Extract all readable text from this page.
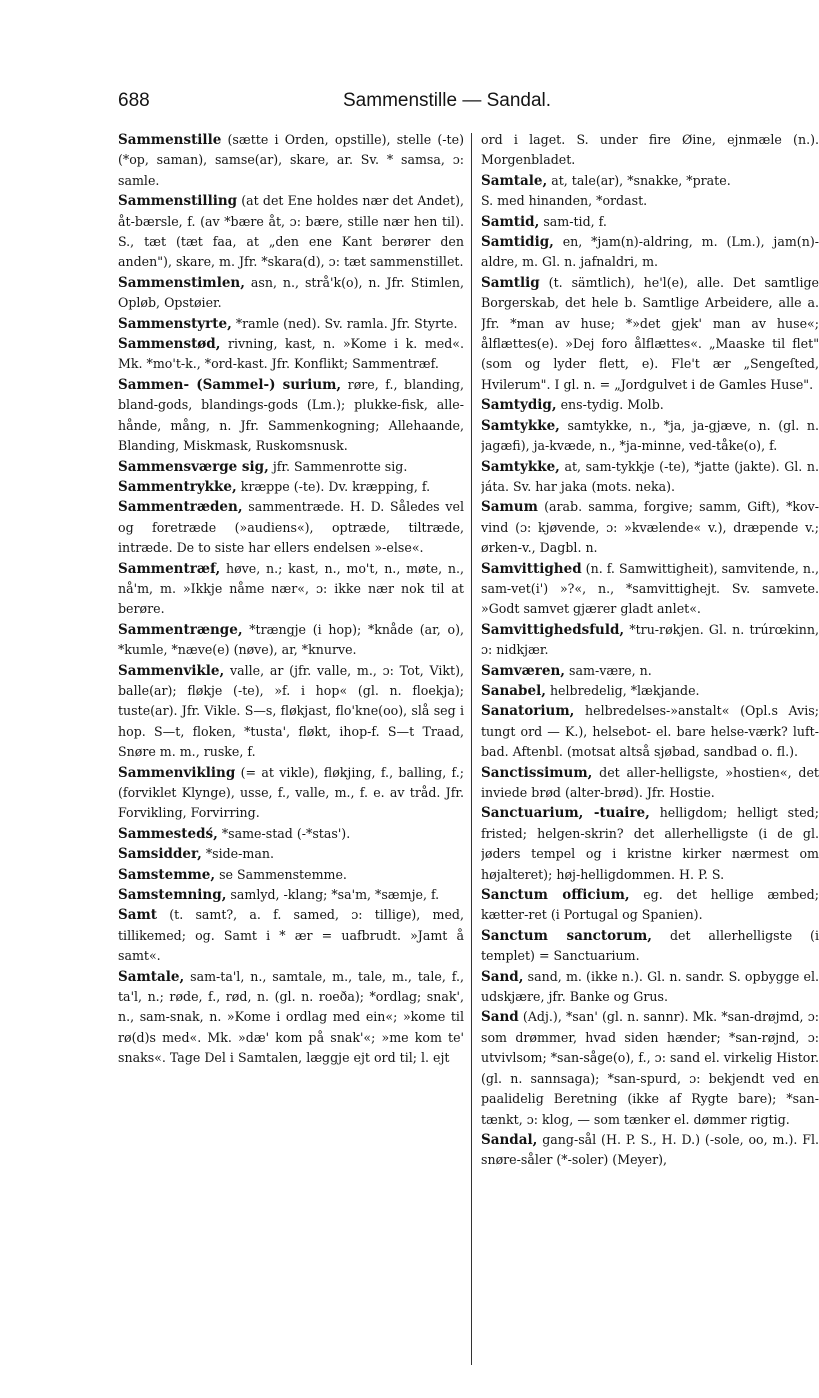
688	Sammenstille — Sandal.

Sammenstille (sætte i Orden, opstille), stelle (-te) (*op, saman), samse(ar), skare, ar. Sv. * samsa, ɔ: samle.

Sammenstilling (at det Ene holdes nær det Andet), åt-bærsle, f. (av *bære åt, ɔ: bære, stille nær hen til). S., tæt (tæt faa, at „den ene Kant berører den anden"), skare, m. Jfr. *skara(d), ɔ: tæt sammenstillet.

Sammenstimlen, asn, n., strå'k(o), n. Jfr. Stimlen, Opløb, Opstøier.

Sammenstyrte, *ramle (ned). Sv. ramla. Jfr. Styrte.

Sammenstød, rivning, kast, n. »Kome i k. med«. Mk. *mo't-k., *ord-kast. Jfr. Konflikt; Sammentræf.

Sammen- (Sammel-) surium, røre, f., blanding, bland-gods, blandings-gods (Lm.); plukke-fisk, alle-hånde, mång, n. Jfr. Sammenkogning; Allehaande, Blanding, Miskmask, Ruskomsnusk.

Sammensværge sig, jfr. Sammenrotte sig.

Sammentrykke, kræppe (-te). Dv. kræpping, f.

Sammentræden, sammentræde. H. D. Således vel og foretræde (»audiens«), optræde, tiltræde, intræde. De to siste har ellers endelsen »-else«.

Sammentræf, høve, n.; kast, n., mo't, n., møte, n., nå'm, m. »Ikkje nåme nær«, ɔ: ikke nær nok til at berøre.

Sammentrænge, *trængje (i hop); *knåde (ar, o), *kumle, *næve(e) (nøve), ar, *knurve.

Sammenvikle, valle, ar (jfr. valle, m., ɔ: Tot, Vikt), balle(ar); fløkje (-te), »f. i hop« (gl. n. floekja); tuste(ar). Jfr. Vikle. S—s, fløkjast, flo'kne(oo), slå seg i hop. S—t, floken, *tusta', fløkt, ihop-f. S—t Traad, Snøre m. m., ruske, f.

Sammenvikling (= at vikle), fløkjing, f., balling, f.; (forviklet Klynge), usse, f., valle, m., f. e. av tråd. Jfr. Forvikling, Forvirring.

Sammestedś, *same-stad (-*stas').

Samsidder, *side-man.

Samstemme, se Sammenstemme.

Samstemning, samlyd, -klang; *sa'm, *sæmje, f.

Samt (t. samt?, a. f. samed, ɔ: tillige), med, tillikemed; og. Samt i * ær = uafbrudt. »Jamt å samt«.

Samtale, sam-ta'l, n., samtale, m., tale, m., tale, f., ta'l, n.; røde, f., rød, n. (gl. n. roeða); *ordlag; snak', n., sam-snak, n. »Kome i ordlag med ein«; »kome til rø(d)s med«. Mk. »dæ' kom på snak'«; »me kom te' snaks«. Tage Del i Samtalen, læggje ejt ord til; l. ejt

ord i laget. S. under fire Øine, ejnmæle (n.). Morgenbladet.

Samtale, at, tale(ar), *snakke, *prate.

S. med hinanden, *ordast.

Samtid, sam-tid, f.

Samtidig, en, *jam(n)-aldring, m. (Lm.), jam(n)-aldre, m. Gl. n. jafnaldri, m.

Samtlig (t. sämtlich), he'l(e), alle. Det samtlige Borgerskab, det hele b. Samtlige Arbeidere, alle a. Jfr. *man av huse; *»det gjek' man av huse«; ålflættes(e). »Dej foro ålflættes«. „Maaske til flet" (som og lyder flett, e). Fle't ær „Sengeſted, Hvilerum". I gl. n. = „Jordgulvet i de Gamles Huse".

Samtydig, ens-tydig. Molb.

Samtykke, samtykke, n., *ja, ja-gjæve, n. (gl. n. jagæfi), ja-kvæde, n., *ja-minne, ved-tåke(o), f.

Samtykke, at, sam-tykkje (-te), *jatte (jakte). Gl. n. játa. Sv. har jaka (mots. neka).

Samum (arab. samma, forgive; samm, Gift), *kov-vind (ɔ: kjøvende, ɔ: »kvælende« v.), dræpende v.; ørken-v., Dagbl. n.

Samvittighed (n. f. Samwittigheit), samvitende, n., sam-vet(i') »?«, n., *samvittighejt. Sv. samvete. »Godt samvet gjærer gladt anlet«.

Samvittighedsfuld, *tru-røkjen. Gl. n. trúrœkinn, ɔ: nidkjær.

Samværen, sam-være, n.

Sanabel, helbredelig, *lækjande.

Sanatorium, helbredelses-»anstalt« (Opl.s Avis; tungt ord — K.), helsebot- el. bare helse-værk? luft-bad. Aftenbl. (motsat altså sjøbad, sandbad o. fl.).

Sanctissimum, det aller-helligste, »hostien«, det inviede brød (alter-brød). Jfr. Hostie.

Sanctuarium, -tuaire, helligdom; helligt sted; fristed; helgen-skrin? det allerhelligste (i de gl. jøders tempel og i kristne kirker nærmest om højalteret); høj-helligdommen. H. P. S.

Sanctum officium, eg. det hellige æmbed; kætter-ret (i Portugal og Spanien).

Sanctum sanctorum, det allerhelligste (i templet) = Sanctuarium.

Sand, sand, m. (ikke n.). Gl. n. sandr. S. opbygge el. udskjære, jfr. Banke og Grus.

Sand (Adj.), *san' (gl. n. sannr). Mk. *san-drøjmd, ɔ: som drømmer, hvad siden hænder; *san-røjnd, ɔ: utvivlsom; *san-såge(o), f., ɔ: sand el. virkelig Histor. (gl. n. sannsaga); *san-spurd, ɔ: bekjendt ved en paalidelig Beretning (ikke af Rygte bare); *san-tænkt, ɔ: klog, — som tænker el. dømmer rigtig.

Sandal, gang-sål (H. P. S., H. D.) (-sole, oo, m.). Fl. snøre-såler (*-soler) (Meyer),
